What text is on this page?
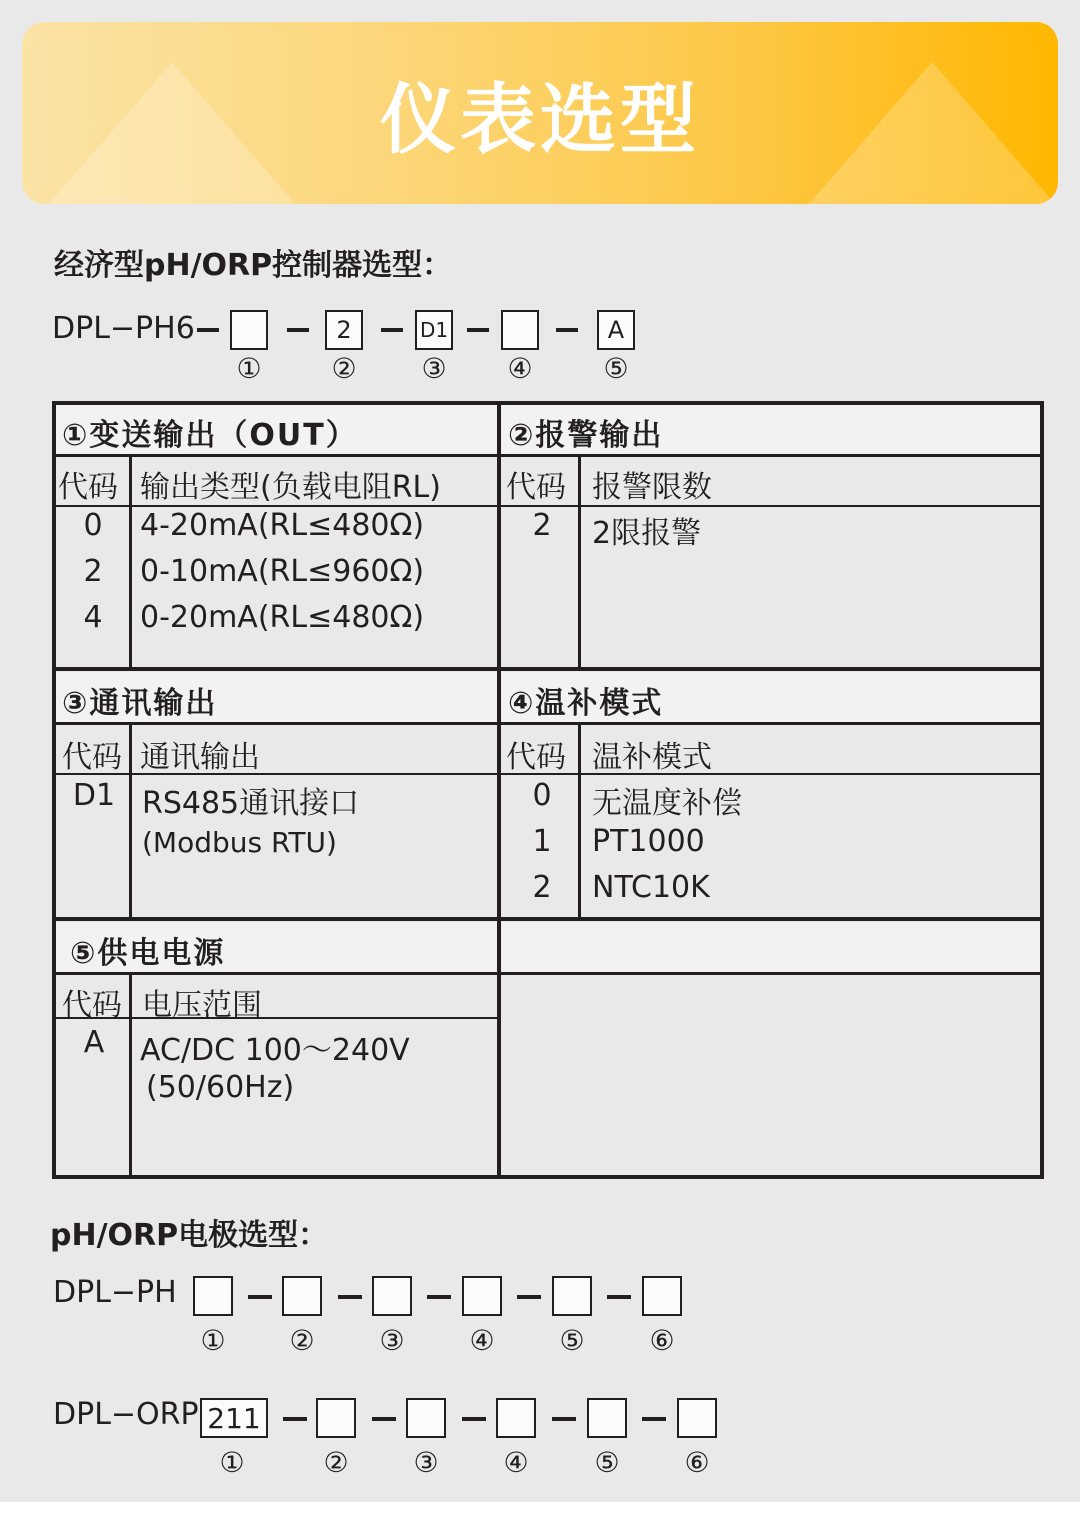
仪表选型
经济型pH/ORP控制器选型：
DPL−PH6	2	D1	A
① ② ③ ④	⑤
①变送输出（OUT）
代码 输出类型(负载电阻RL)
0	4-20mA(RL≤480Ω)
2	0-10mA(RL≤960Ω)
4	0-20mA(RL≤480Ω)
②报警输出
代码 报警限数
2	2限报警
③通讯输出
代码 通讯输出
D1 RS485通讯接口
(Modbus RTU)
④温补模式
代码 温补模式
0	无温度补偿
1	PT1000
2	NTC10K
⑤供电电源
代码 电压范围
A	AC/DC 100～240V
(50/60Hz)
pH/ORP电极选型：
DPL−PH
① ② ③ ④ ⑤ ⑥
DPL−ORP 211
①	② ③ ④ ⑤ ⑥
